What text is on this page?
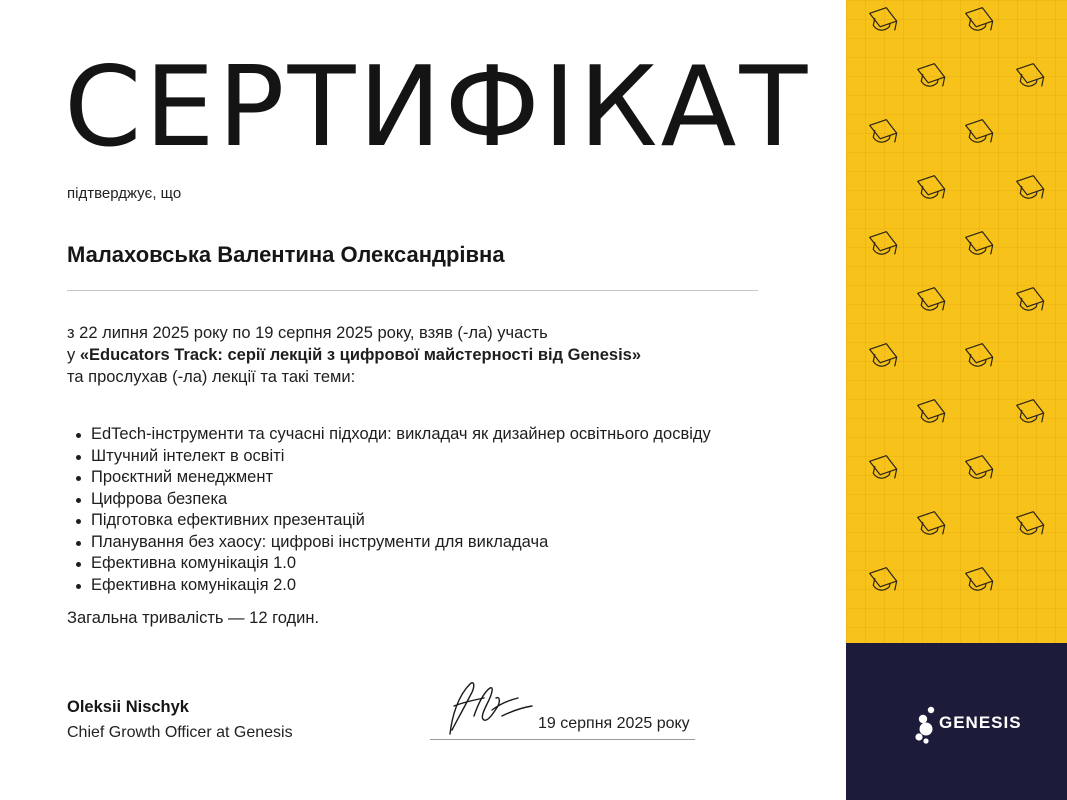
СЕРТИФІКАТ
підтверджує, що
Малаховська Валентина Олександрівна
з 22 липня 2025 року по 19 серпня 2025 року, взяв (-ла) участь
у «Educators Track: серії лекцій з цифрової майстерності від Genesis»
та прослухав (-ла) лекції та такі теми:
EdTech-інструменти та сучасні підходи: викладач як дизайнер освітнього досвіду
Штучний інтелект в освіті
Проєктний менеджмент
Цифрова безпека
Підготовка ефективних презентацій
Планування без хаосу: цифрові інструменти для викладача
Ефективна комунікація 1.0
Ефективна комунікація 2.0
Загальна тривалість — 12 годин.
Oleksii Nischyk
Chief Growth Officer at Genesis
19 серпня 2025 року	GENESIS
